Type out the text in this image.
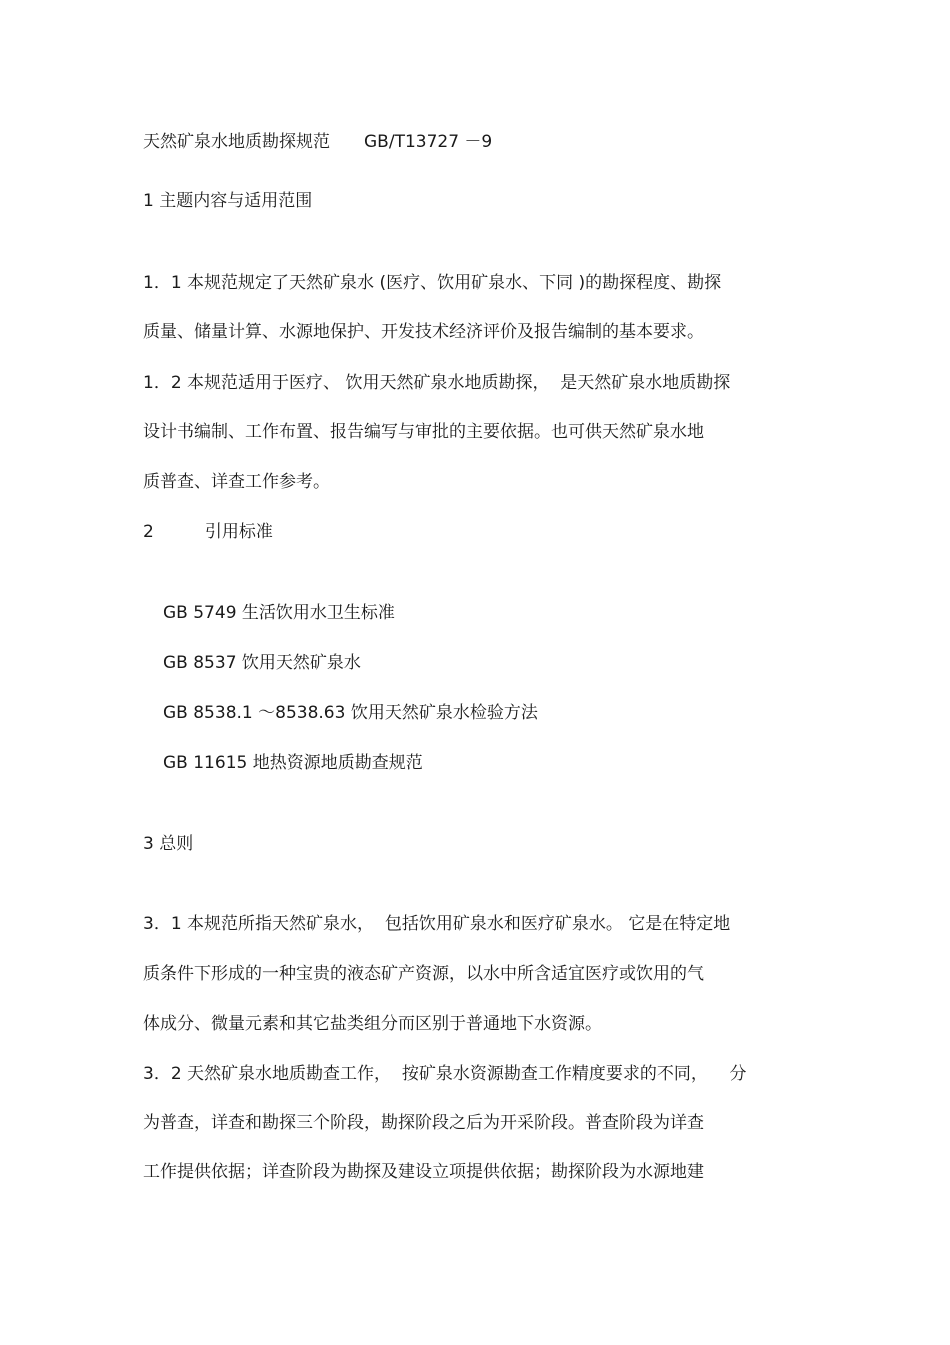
天然矿泉水地质勘探规范　　GB/T13727 －9
1 主题内容与适用范围
1．1 本规范规定了天然矿泉水 (医疗、饮用矿泉水、下同 )的勘探程度、勘探
质量、储量计算、水源地保护、开发技术经济评价及报告编制的基本要求。
1．2 本规范适用于医疗、 饮用天然矿泉水地质勘探，  是天然矿泉水地质勘探
设计书编制、工作布置、报告编写与审批的主要依据。也可供天然矿泉水地
质普查、详查工作参考。
2　　　引用标准
GB 5749 生活饮用水卫生标准
GB 8537 饮用天然矿泉水
GB 8538.1 ～8538.63 饮用天然矿泉水检验方法
GB 11615 地热资源地质勘查规范
3 总则
3．1 本规范所指天然矿泉水，  包括饮用矿泉水和医疗矿泉水。 它是在特定地
质条件下形成的一种宝贵的液态矿产资源，以水中所含适宜医疗或饮用的气
体成分、微量元素和其它盐类组分而区别于普通地下水资源。
3．2 天然矿泉水地质勘查工作，  按矿泉水资源勘查工作精度要求的不同，    分
为普查，详查和勘探三个阶段，勘探阶段之后为开采阶段。普查阶段为详查
工作提供依据；详查阶段为勘探及建设立项提供依据；勘探阶段为水源地建
